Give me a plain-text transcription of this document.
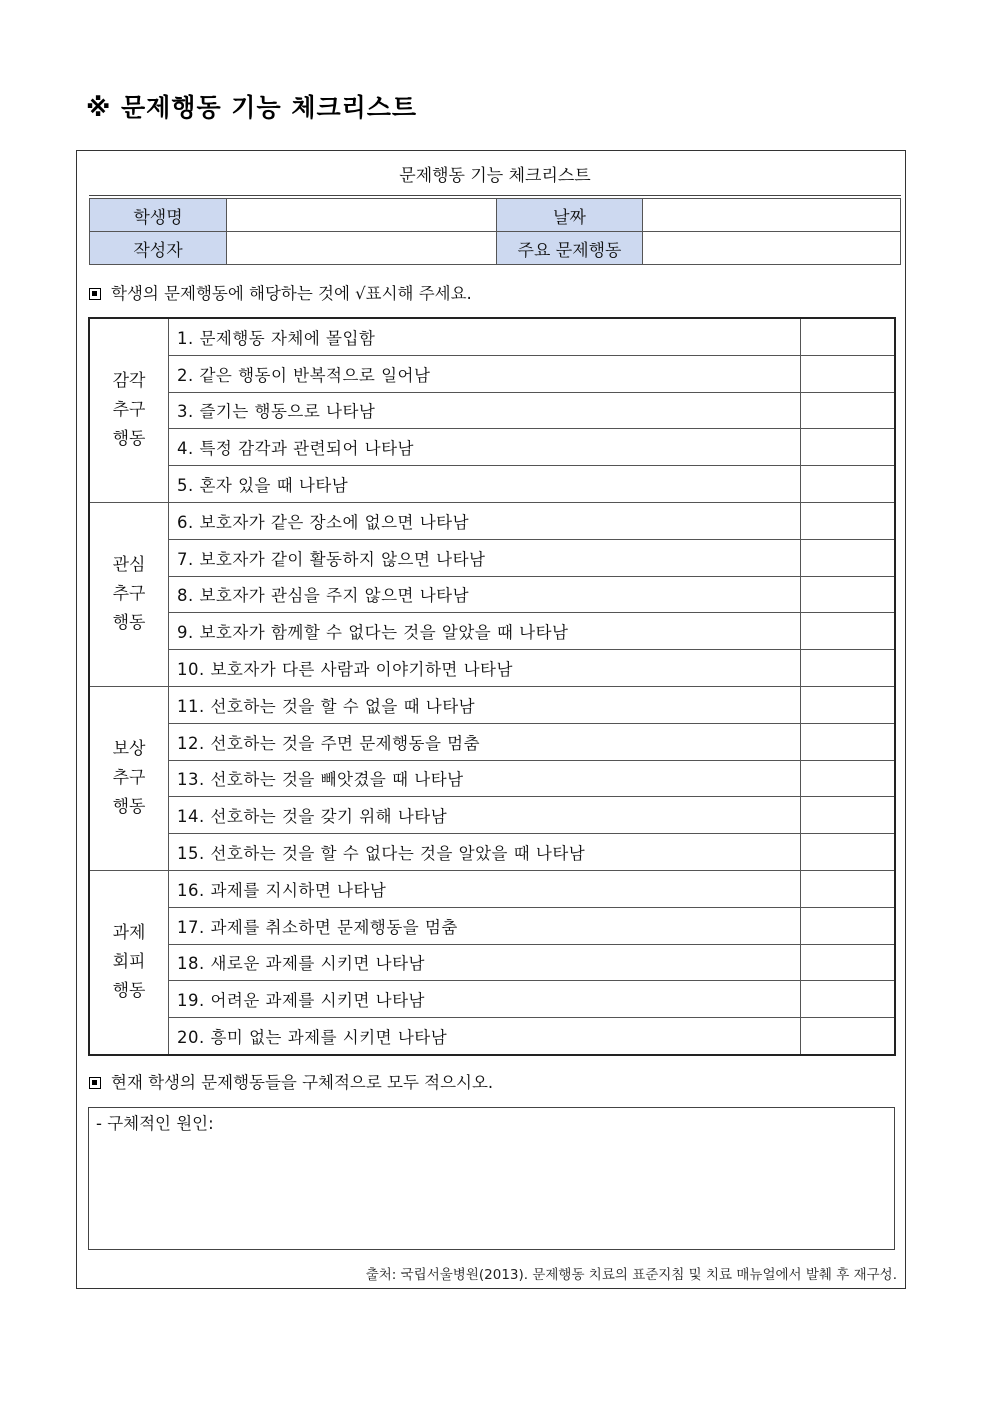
※ 문제행동 기능 체크리스트
문제행동 기능 체크리스트
학생명		날짜	
작성자		주요 문제행동	
학생의 문제행동에 해당하는 것에 √표시해 주세요.
감각
추구
행동	1. 문제행동 자체에 몰입함	
	2. 같은 행동이 반복적으로 일어남	
	3. 즐기는 행동으로 나타남	
	4. 특정 감각과 관련되어 나타남	
	5. 혼자 있을 때 나타남	

관심
추구
행동	6. 보호자가 같은 장소에 없으면 나타남	
	7. 보호자가 같이 활동하지 않으면 나타남	
	8. 보호자가 관심을 주지 않으면 나타남	
	9. 보호자가 함께할 수 없다는 것을 알았을 때 나타남	
	10. 보호자가 다른 사람과 이야기하면 나타남	

보상
추구
행동	11. 선호하는 것을 할 수 없을 때 나타남	
	12. 선호하는 것을 주면 문제행동을 멈춤	
	13. 선호하는 것을 빼앗겼을 때 나타남	
	14. 선호하는 것을 갖기 위해 나타남	
	15. 선호하는 것을 할 수 없다는 것을 알았을 때 나타남	

과제
회피
행동	16. 과제를 지시하면 나타남	
	17. 과제를 취소하면 문제행동을 멈춤	
	18. 새로운 과제를 시키면 나타남	
	19. 어려운 과제를 시키면 나타남	
	20. 흥미 없는 과제를 시키면 나타남	
현재 학생의 문제행동들을 구체적으로 모두 적으시오.
- 구체적인 원인:
출처: 국립서울병원(2013). 문제행동 치료의 표준지침 및 치료 매뉴얼에서 발췌 후 재구성.
